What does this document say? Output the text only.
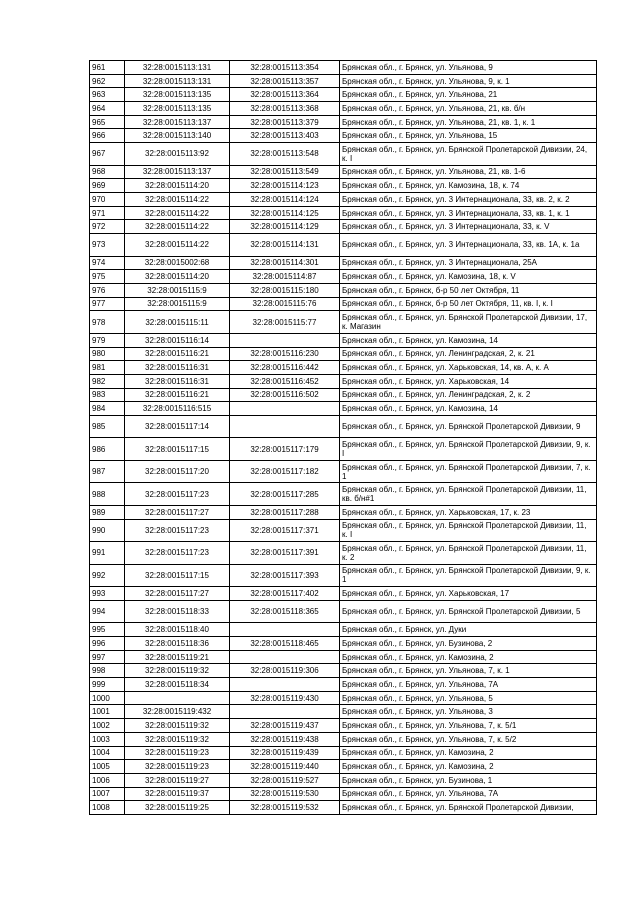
961	32:28:0015113:131	32:28:0015113:354	Брянская обл., г. Брянск, ул. Ульянова, 9
962	32:28:0015113:131	32:28:0015113:357	Брянская обл., г. Брянск, ул. Ульянова, 9, к. 1
963	32:28:0015113:135	32:28:0015113:364	Брянская обл., г. Брянск, ул. Ульянова, 21
964	32:28:0015113:135	32:28:0015113:368	Брянская обл., г. Брянск, ул. Ульянова, 21, кв. б/н
965	32:28:0015113:137	32:28:0015113:379	Брянская обл., г. Брянск, ул. Ульянова, 21, кв. 1, к. 1
966	32:28:0015113:140	32:28:0015113:403	Брянская обл., г. Брянск, ул. Ульянова, 15
967	32:28:0015113:92	32:28:0015113:548	Брянская обл., г. Брянск, ул. Брянской Пролетарской Дивизии, 24, к. I
968	32:28:0015113:137	32:28:0015113:549	Брянская обл., г. Брянск, ул. Ульянова, 21, кв. 1-6
969	32:28:0015114:20	32:28:0015114:123	Брянская обл., г. Брянск, ул. Камозина, 18, к. 74
970	32:28:0015114:22	32:28:0015114:124	Брянская обл., г. Брянск, ул. 3 Интернационала, 33, кв. 2, к. 2
971	32:28:0015114:22	32:28:0015114:125	Брянская обл., г. Брянск, ул. 3 Интернационала, 33, кв. 1, к. 1
972	32:28:0015114:22	32:28:0015114:129	Брянская обл., г. Брянск, ул. 3 Интернационала, 33, к. V
973	32:28:0015114:22	32:28:0015114:131	Брянская обл., г. Брянск, ул. 3 Интернационала, 33, кв. 1А, к. 1а
974	32:28:0015002:68	32:28:0015114:301	Брянская обл., г. Брянск, ул. 3 Интернационала, 25А
975	32:28:0015114:20	32:28:0015114:87	Брянская обл., г. Брянск, ул. Камозина, 18, к. V
976	32:28:0015115:9	32:28:0015115:180	Брянская обл., г. Брянск, б-р 50 лет Октября, 11
977	32:28:0015115:9	32:28:0015115:76	Брянская обл., г. Брянск, б-р 50 лет Октября, 11, кв. I, к. I
978	32:28:0015115:11	32:28:0015115:77	Брянская обл., г. Брянск, ул. Брянской Пролетарской Дивизии, 17, к. Магазин
979	32:28:0015116:14		Брянская обл., г. Брянск, ул. Камозина, 14
980	32:28:0015116:21	32:28:0015116:230	Брянская обл., г. Брянск, ул. Ленинградская, 2, к. 21
981	32:28:0015116:31	32:28:0015116:442	Брянская обл., г. Брянск, ул. Харьковская, 14, кв. А, к. А
982	32:28:0015116:31	32:28:0015116:452	Брянская обл., г. Брянск, ул. Харьковская, 14
983	32:28:0015116:21	32:28:0015116:502	Брянская обл., г. Брянск, ул. Ленинградская, 2, к. 2
984	32:28:0015116:515		Брянская обл., г. Брянск, ул. Камозина, 14
985	32:28:0015117:14		Брянская обл., г. Брянск, ул. Брянской Пролетарской Дивизии, 9
986	32:28:0015117:15	32:28:0015117:179	Брянская обл., г. Брянск, ул. Брянской Пролетарской Дивизии, 9, к. I
987	32:28:0015117:20	32:28:0015117:182	Брянская обл., г. Брянск, ул. Брянской Пролетарской Дивизии, 7, к. 1
988	32:28:0015117:23	32:28:0015117:285	Брянская обл., г. Брянск, ул. Брянской Пролетарской Дивизии, 11, кв. б/н#1
989	32:28:0015117:27	32:28:0015117:288	Брянская обл., г. Брянск, ул. Харьковская, 17, к. 23
990	32:28:0015117:23	32:28:0015117:371	Брянская обл., г. Брянск, ул. Брянской Пролетарской Дивизии, 11, к. I
991	32:28:0015117:23	32:28:0015117:391	Брянская обл., г. Брянск, ул. Брянской Пролетарской Дивизии, 11, к. 2
992	32:28:0015117:15	32:28:0015117:393	Брянская обл., г. Брянск, ул. Брянской Пролетарской Дивизии, 9, к. 1
993	32:28:0015117:27	32:28:0015117:402	Брянская обл., г. Брянск, ул. Харьковская, 17
994	32:28:0015118:33	32:28:0015118:365	Брянская обл., г. Брянск, ул. Брянской Пролетарской Дивизии, 5
995	32:28:0015118:40		Брянская обл., г. Брянск, ул. Дуки
996	32:28:0015118:36	32:28:0015118:465	Брянская обл., г. Брянск, ул. Бузинова, 2
997	32:28:0015119:21		Брянская обл., г. Брянск, ул. Камозина, 2
998	32:28:0015119:32	32:28:0015119:306	Брянская обл., г. Брянск, ул. Ульянова, 7, к. 1
999	32:28:0015118:34		Брянская обл., г. Брянск, ул. Ульянова, 7А
1000		32:28:0015119:430	Брянская обл., г. Брянск, ул. Ульянова, 5
1001	32:28:0015119:432		Брянская обл., г. Брянск, ул. Ульянова, 3
1002	32:28:0015119:32	32:28:0015119:437	Брянская обл., г. Брянск, ул. Ульянова, 7, к. 5/1
1003	32:28:0015119:32	32:28:0015119:438	Брянская обл., г. Брянск, ул. Ульянова, 7, к. 5/2
1004	32:28:0015119:23	32:28:0015119:439	Брянская обл., г. Брянск, ул. Камозина, 2
1005	32:28:0015119:23	32:28:0015119:440	Брянская обл., г. Брянск, ул. Камозина, 2
1006	32:28:0015119:27	32:28:0015119:527	Брянская обл., г. Брянск, ул. Бузинова, 1
1007	32:28:0015119:37	32:28:0015119:530	Брянская обл., г. Брянск, ул. Ульянова, 7А
1008	32:28:0015119:25	32:28:0015119:532	Брянская обл., г. Брянск, ул. Брянской Пролетарской Дивизии,
